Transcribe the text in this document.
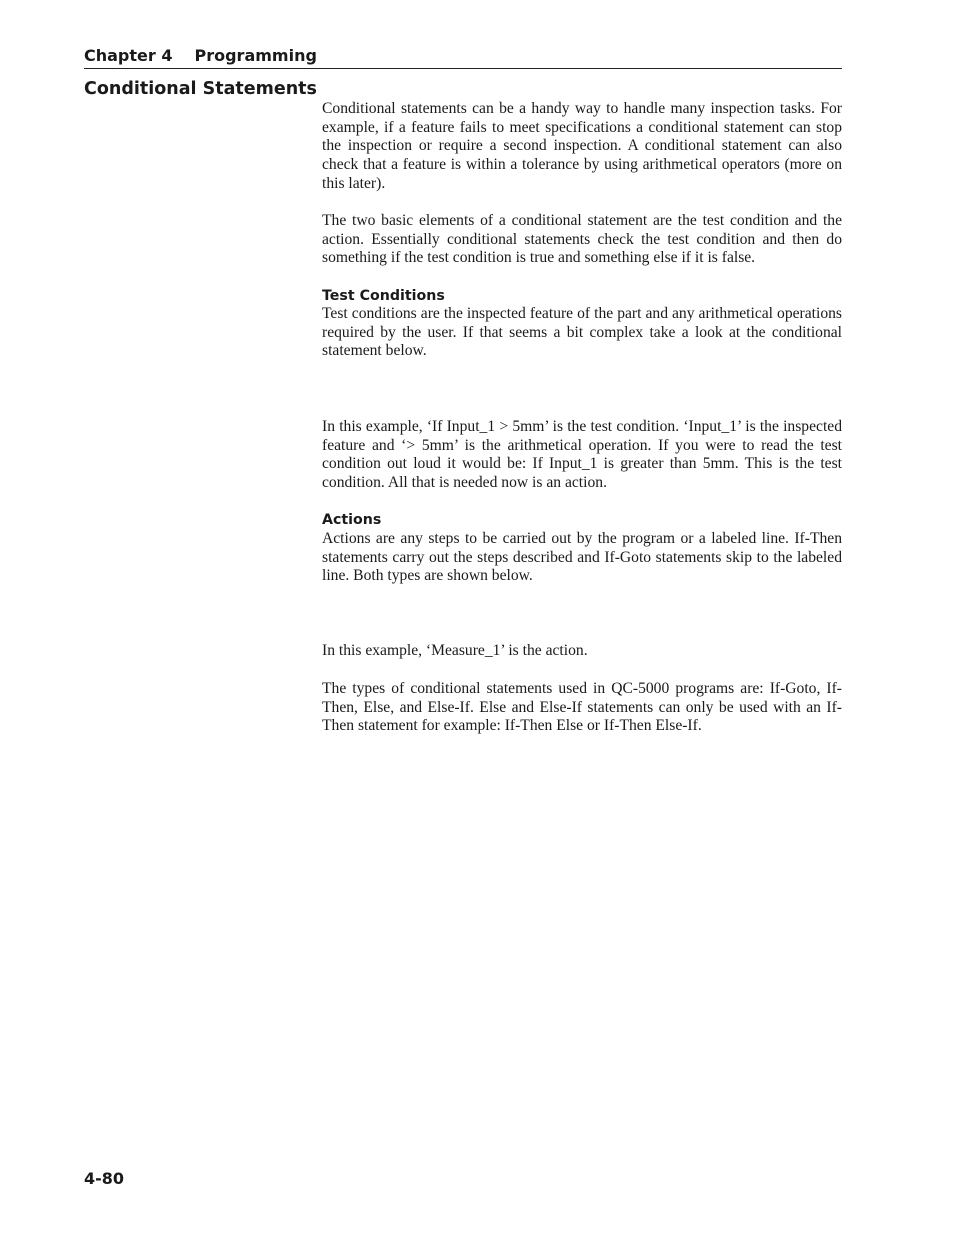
Chapter 4 Programming
Conditional Statements

Conditional statements can be a handy way to handle many inspection tasks. For example, if a feature fails to meet specifications a conditional statement can stop the inspection or require a second inspection. A conditional statement can also check that a feature is within a tolerance by using arithmetical operators (more on this later).

The two basic elements of a conditional statement are the test condition and the action. Essentially conditional statements check the test condition and then do something if the test condition is true and something else if it is false.

Test Conditions

Test conditions are the inspected feature of the part and any arithmetical operations required by the user. If that seems a bit complex take a look at the conditional statement below.

In this example, ‘If Input_1 > 5mm’ is the test condition. ‘Input_1’ is the inspected feature and ‘> 5mm’ is the arithmetical operation. If you were to read the test condition out loud it would be: If Input_1 is greater than 5mm. This is the test condition. All that is needed now is an action.

Actions

Actions are any steps to be carried out by the program or a labeled line. If-Then statements carry out the steps described and If-Goto statements skip to the labeled line. Both types are shown below.

In this example, ‘Measure_1’ is the action.

The types of conditional statements used in QC-5000 programs are: If-Goto, If-Then, Else, and Else-If. Else and Else-If statements can only be used with an If-Then statement for example: If-Then Else or If-Then Else-If.

4-80
